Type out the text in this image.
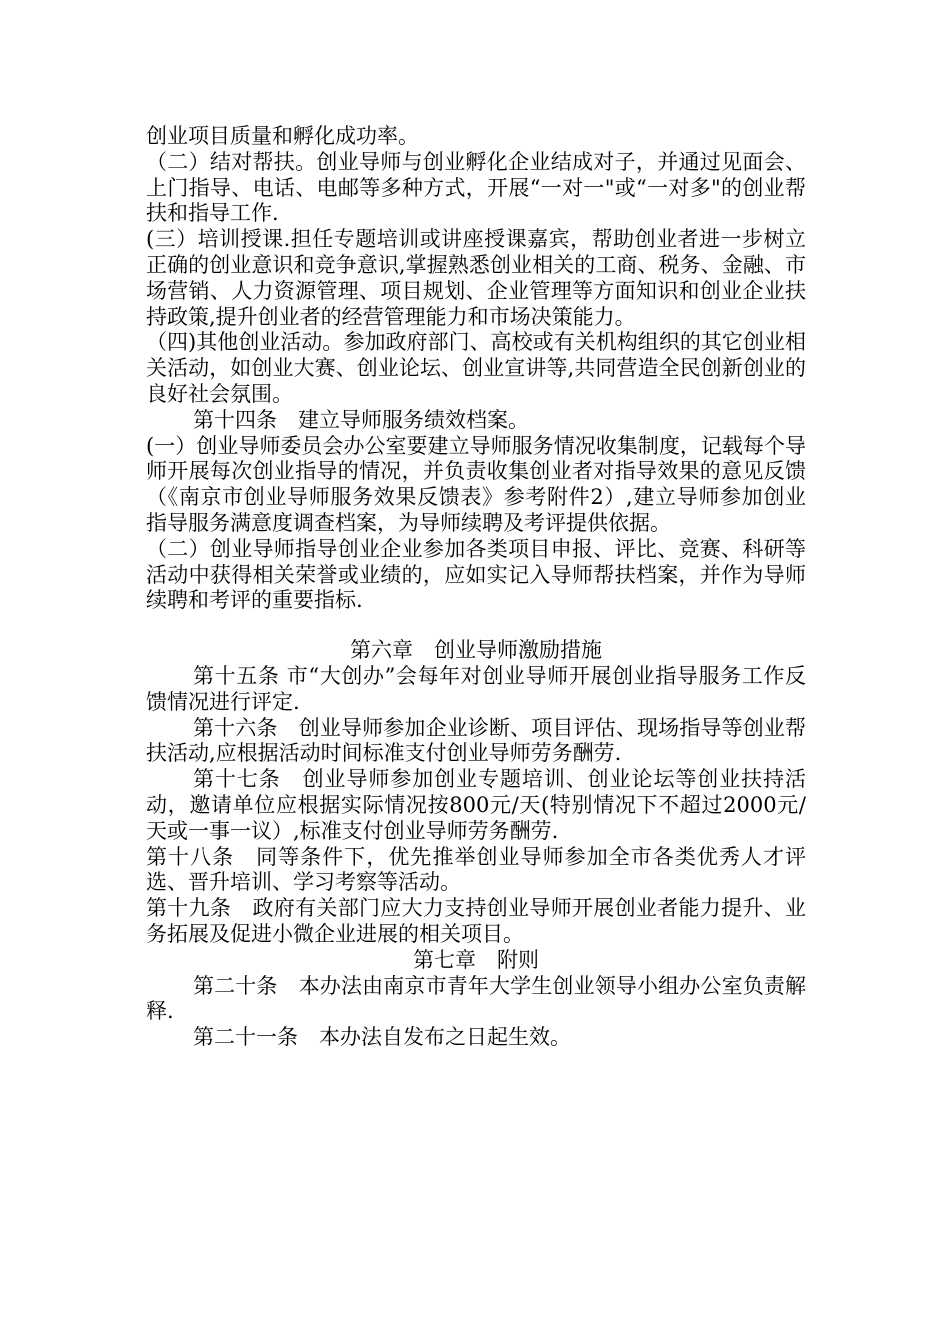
创业项目质量和孵化成功率。

（二）结对帮扶。创业导师与创业孵化企业结成对子，并通过见面会、上门指导、电话、电邮等多种方式，开展“一对一"或“一对多"的创业帮扶和指导工作.

(三）培训授课.担任专题培训或讲座授课嘉宾，帮助创业者进一步树立正确的创业意识和竞争意识,掌握熟悉创业相关的工商、税务、金融、市场营销、人力资源管理、项目规划、企业管理等方面知识和创业企业扶持政策,提升创业者的经营管理能力和市场决策能力。

（四)其他创业活动。参加政府部门、高校或有关机构组织的其它创业相关活动，如创业大赛、创业论坛、创业宣讲等,共同营造全民创新创业的良好社会氛围。

第十四条　建立导师服务绩效档案。

(一）创业导师委员会办公室要建立导师服务情况收集制度，记载每个导师开展每次创业指导的情况，并负责收集创业者对指导效果的意见反馈（《南京市创业导师服务效果反馈表》参考附件2）,建立导师参加创业指导服务满意度调查档案，为导师续聘及考评提供依据。

（二）创业导师指导创业企业参加各类项目申报、评比、竞赛、科研等活动中获得相关荣誉或业绩的，应如实记入导师帮扶档案，并作为导师续聘和考评的重要指标.

第六章　创业导师激励措施

第十五条 市“大创办”会每年对创业导师开展创业指导服务工作反馈情况进行评定.

第十六条　创业导师参加企业诊断、项目评估、现场指导等创业帮扶活动,应根据活动时间标准支付创业导师劳务酬劳.

第十七条　创业导师参加创业专题培训、创业论坛等创业扶持活动，邀请单位应根据实际情况按800元/天(特别情况下不超过2000元/天或一事一议）,标准支付创业导师劳务酬劳.

第十八条　同等条件下，优先推举创业导师参加全市各类优秀人才评选、晋升培训、学习考察等活动。

第十九条　政府有关部门应大力支持创业导师开展创业者能力提升、业务拓展及促进小微企业进展的相关项目。

第七章　附则

第二十条　本办法由南京市青年大学生创业领导小组办公室负责解释.

第二十一条　本办法自发布之日起生效。
